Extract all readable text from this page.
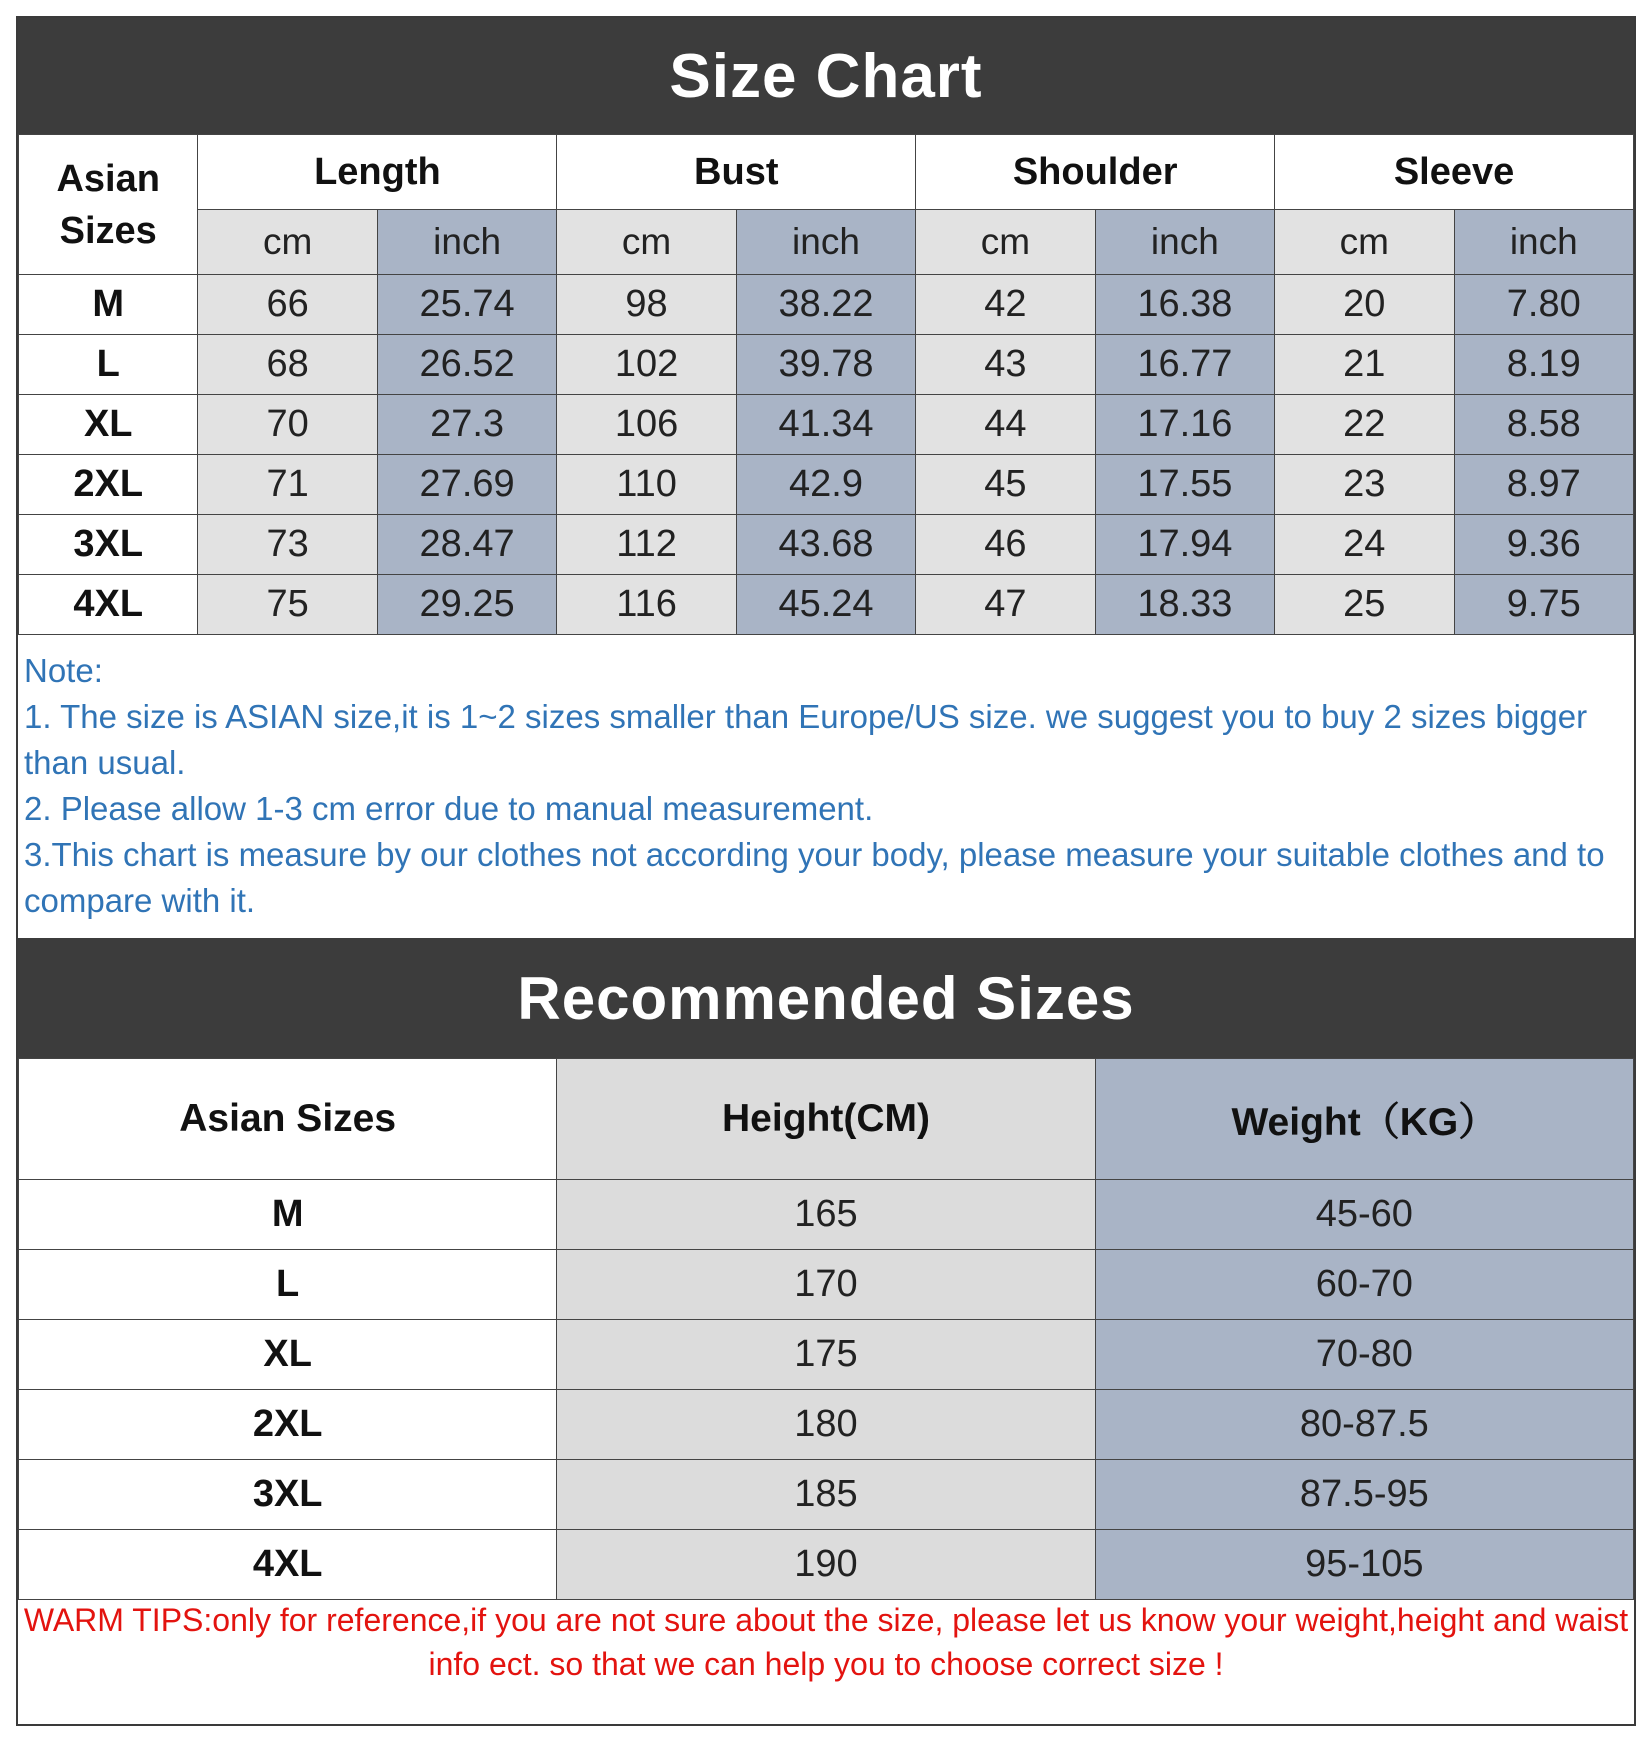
Size Chart
Asian Sizes	Length		Bust		Shoulder		Sleeve	
	cm	inch	cm	inch	cm	inch	cm	inch
M	66	25.74	98	38.22	42	16.38	20	7.80
L	68	26.52	102	39.78	43	16.77	21	8.19
XL	70	27.3	106	41.34	44	17.16	22	8.58
2XL	71	27.69	110	42.9	45	17.55	23	8.97
3XL	73	28.47	112	43.68	46	17.94	24	9.36
4XL	75	29.25	116	45.24	47	18.33	25	9.75
Note:
1. The size is ASIAN size,it is 1~2 sizes smaller than Europe/US size. we suggest you to buy 2 sizes bigger than usual.
2. Please allow 1-3 cm error due to manual measurement.
3.This chart is measure by our clothes not according your body, please measure your suitable clothes and to compare with it.
Recommended Sizes
Asian Sizes	Height(CM)	Weight（KG）
M	165	45-60
L	170	60-70
XL	175	70-80
2XL	180	80-87.5
3XL	185	87.5-95
4XL	190	95-105
WARM TIPS:only for reference,if you are not sure about the size, please let us know your weight,height and waist info ect. so that we can help you to choose correct size !
